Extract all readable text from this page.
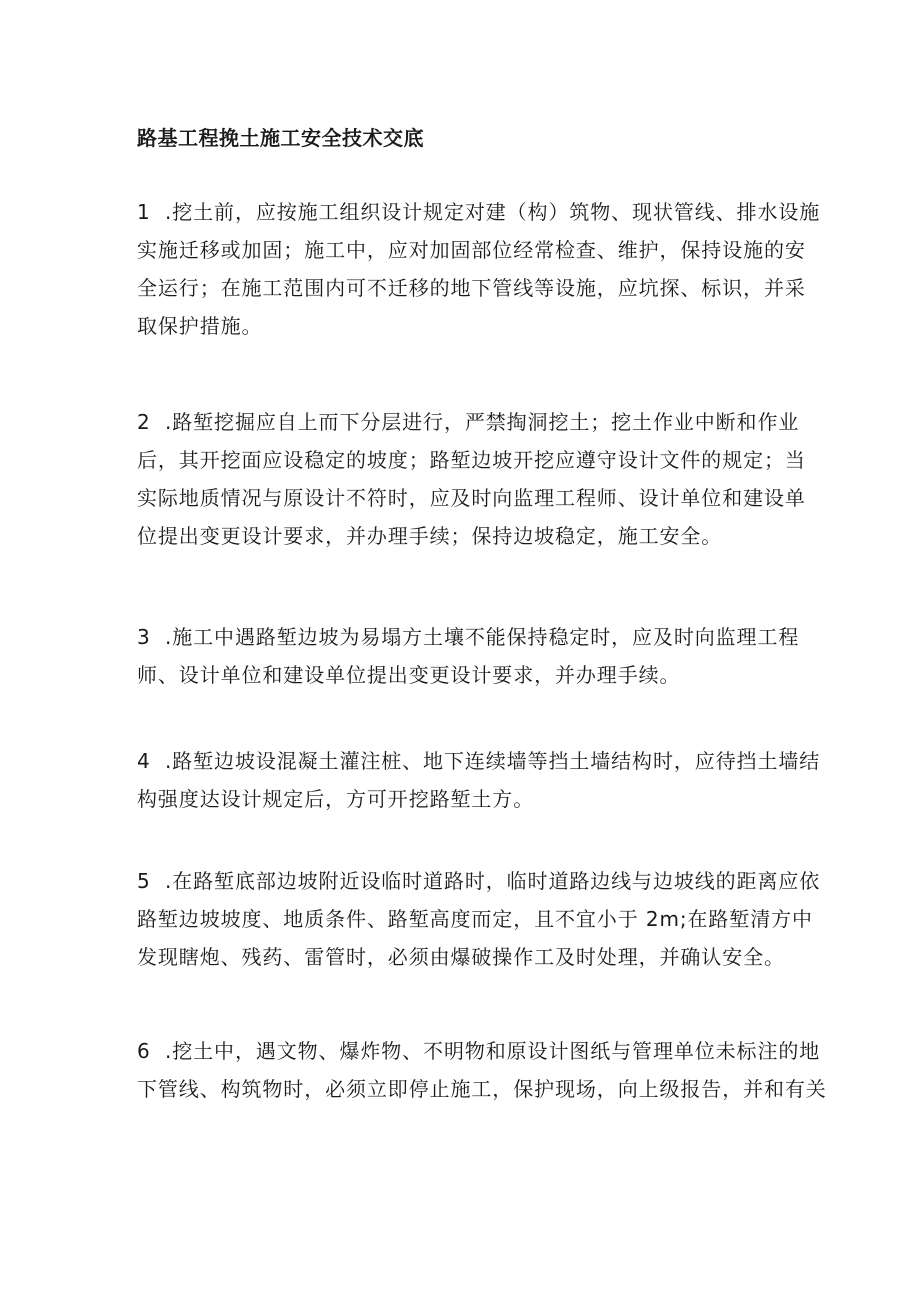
路基工程挽土施工安全技术交底
1 .挖土前，应按施工组织设计规定对建（构）筑物、现状管线、排水设施
实施迁移或加固；施工中，应对加固部位经常检查、维护，保持设施的安
全运行；在施工范围内可不迁移的地下管线等设施，应坑探、标识，并采
取保护措施。
2 .路堑挖掘应自上而下分层进行，严禁掏洞挖土；挖土作业中断和作业
后，其开挖面应设稳定的坡度；路堑边坡开挖应遵守设计文件的规定；当
实际地质情况与原设计不符时，应及时向监理工程师、设计单位和建设单
位提出变更设计要求，并办理手续；保持边坡稳定，施工安全。
3 .施工中遇路堑边坡为易塌方土壤不能保持稳定时，应及时向监理工程
师、设计单位和建设单位提出变更设计要求，并办理手续。
4 .路堑边坡设混凝土灌注桩、地下连续墙等挡土墙结构时，应待挡土墙结
构强度达设计规定后，方可开挖路堑土方。
5 .在路堑底部边坡附近设临时道路时，临时道路边线与边坡线的距离应依
路堑边坡坡度、地质条件、路堑高度而定，且不宜小于 2m;在路堑清方中
发现瞎炮、残药、雷管时，必须由爆破操作工及时处理，并确认安全。
6 .挖土中，遇文物、爆炸物、不明物和原设计图纸与管理单位未标注的地
下管线、构筑物时，必须立即停止施工，保护现场，向上级报告，并和有关
